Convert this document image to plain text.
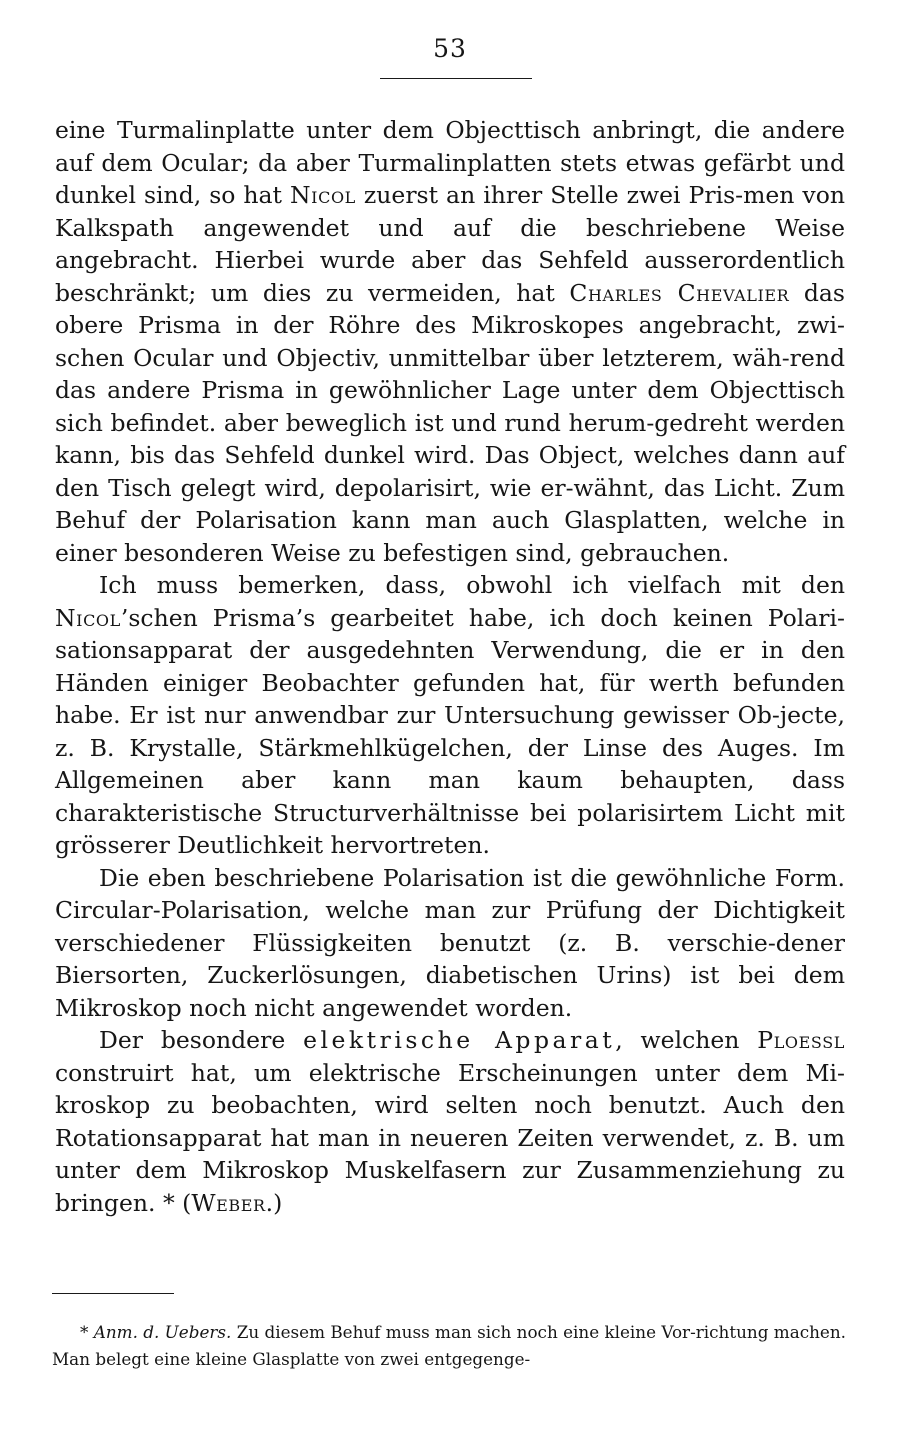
53

eine Turmalinplatte unter dem Objecttisch anbringt, die andere auf dem Ocular; da aber Turmalinplatten stets etwas gefärbt und dunkel sind, so hat Nicol zuerst an ihrer Stelle zwei Pris-men von Kalkspath angewendet und auf die beschriebene Weise angebracht. Hierbei wurde aber das Sehfeld ausserordentlich beschränkt; um dies zu vermeiden, hat Charles Chevalier das obere Prisma in der Röhre des Mikroskopes angebracht, zwi-schen Ocular und Objectiv, unmittelbar über letzterem, wäh-rend das andere Prisma in gewöhnlicher Lage unter dem Objecttisch sich befindet. aber beweglich ist und rund herum-gedreht werden kann, bis das Sehfeld dunkel wird. Das Object, welches dann auf den Tisch gelegt wird, depolarisirt, wie er-wähnt, das Licht. Zum Behuf der Polarisation kann man auch Glasplatten, welche in einer besonderen Weise zu befestigen sind, gebrauchen.

Ich muss bemerken, dass, obwohl ich vielfach mit den Nicol’schen Prisma’s gearbeitet habe, ich doch keinen Polari-sationsapparat der ausgedehnten Verwendung, die er in den Händen einiger Beobachter gefunden hat, für werth befunden habe. Er ist nur anwendbar zur Untersuchung gewisser Ob-jecte, z. B. Krystalle, Stärkmehlkügelchen, der Linse des Auges. Im Allgemeinen aber kann man kaum behaupten, dass charakteristische Structurverhältnisse bei polarisirtem Licht mit grösserer Deutlichkeit hervortreten.

Die eben beschriebene Polarisation ist die gewöhnliche Form. Circular-Polarisation, welche man zur Prüfung der Dichtigkeit verschiedener Flüssigkeiten benutzt (z. B. verschie-dener Biersorten, Zuckerlösungen, diabetischen Urins) ist bei dem Mikroskop noch nicht angewendet worden.

Der besondere elektrische Apparat, welchen Ploessl construirt hat, um elektrische Erscheinungen unter dem Mi-kroskop zu beobachten, wird selten noch benutzt. Auch den Rotationsapparat hat man in neueren Zeiten verwendet, z. B. um unter dem Mikroskop Muskelfasern zur Zusammenziehung zu bringen. * (Weber.)

* Anm. d. Uebers. Zu diesem Behuf muss man sich noch eine kleine Vor-richtung machen. Man belegt eine kleine Glasplatte von zwei entgegenge-
